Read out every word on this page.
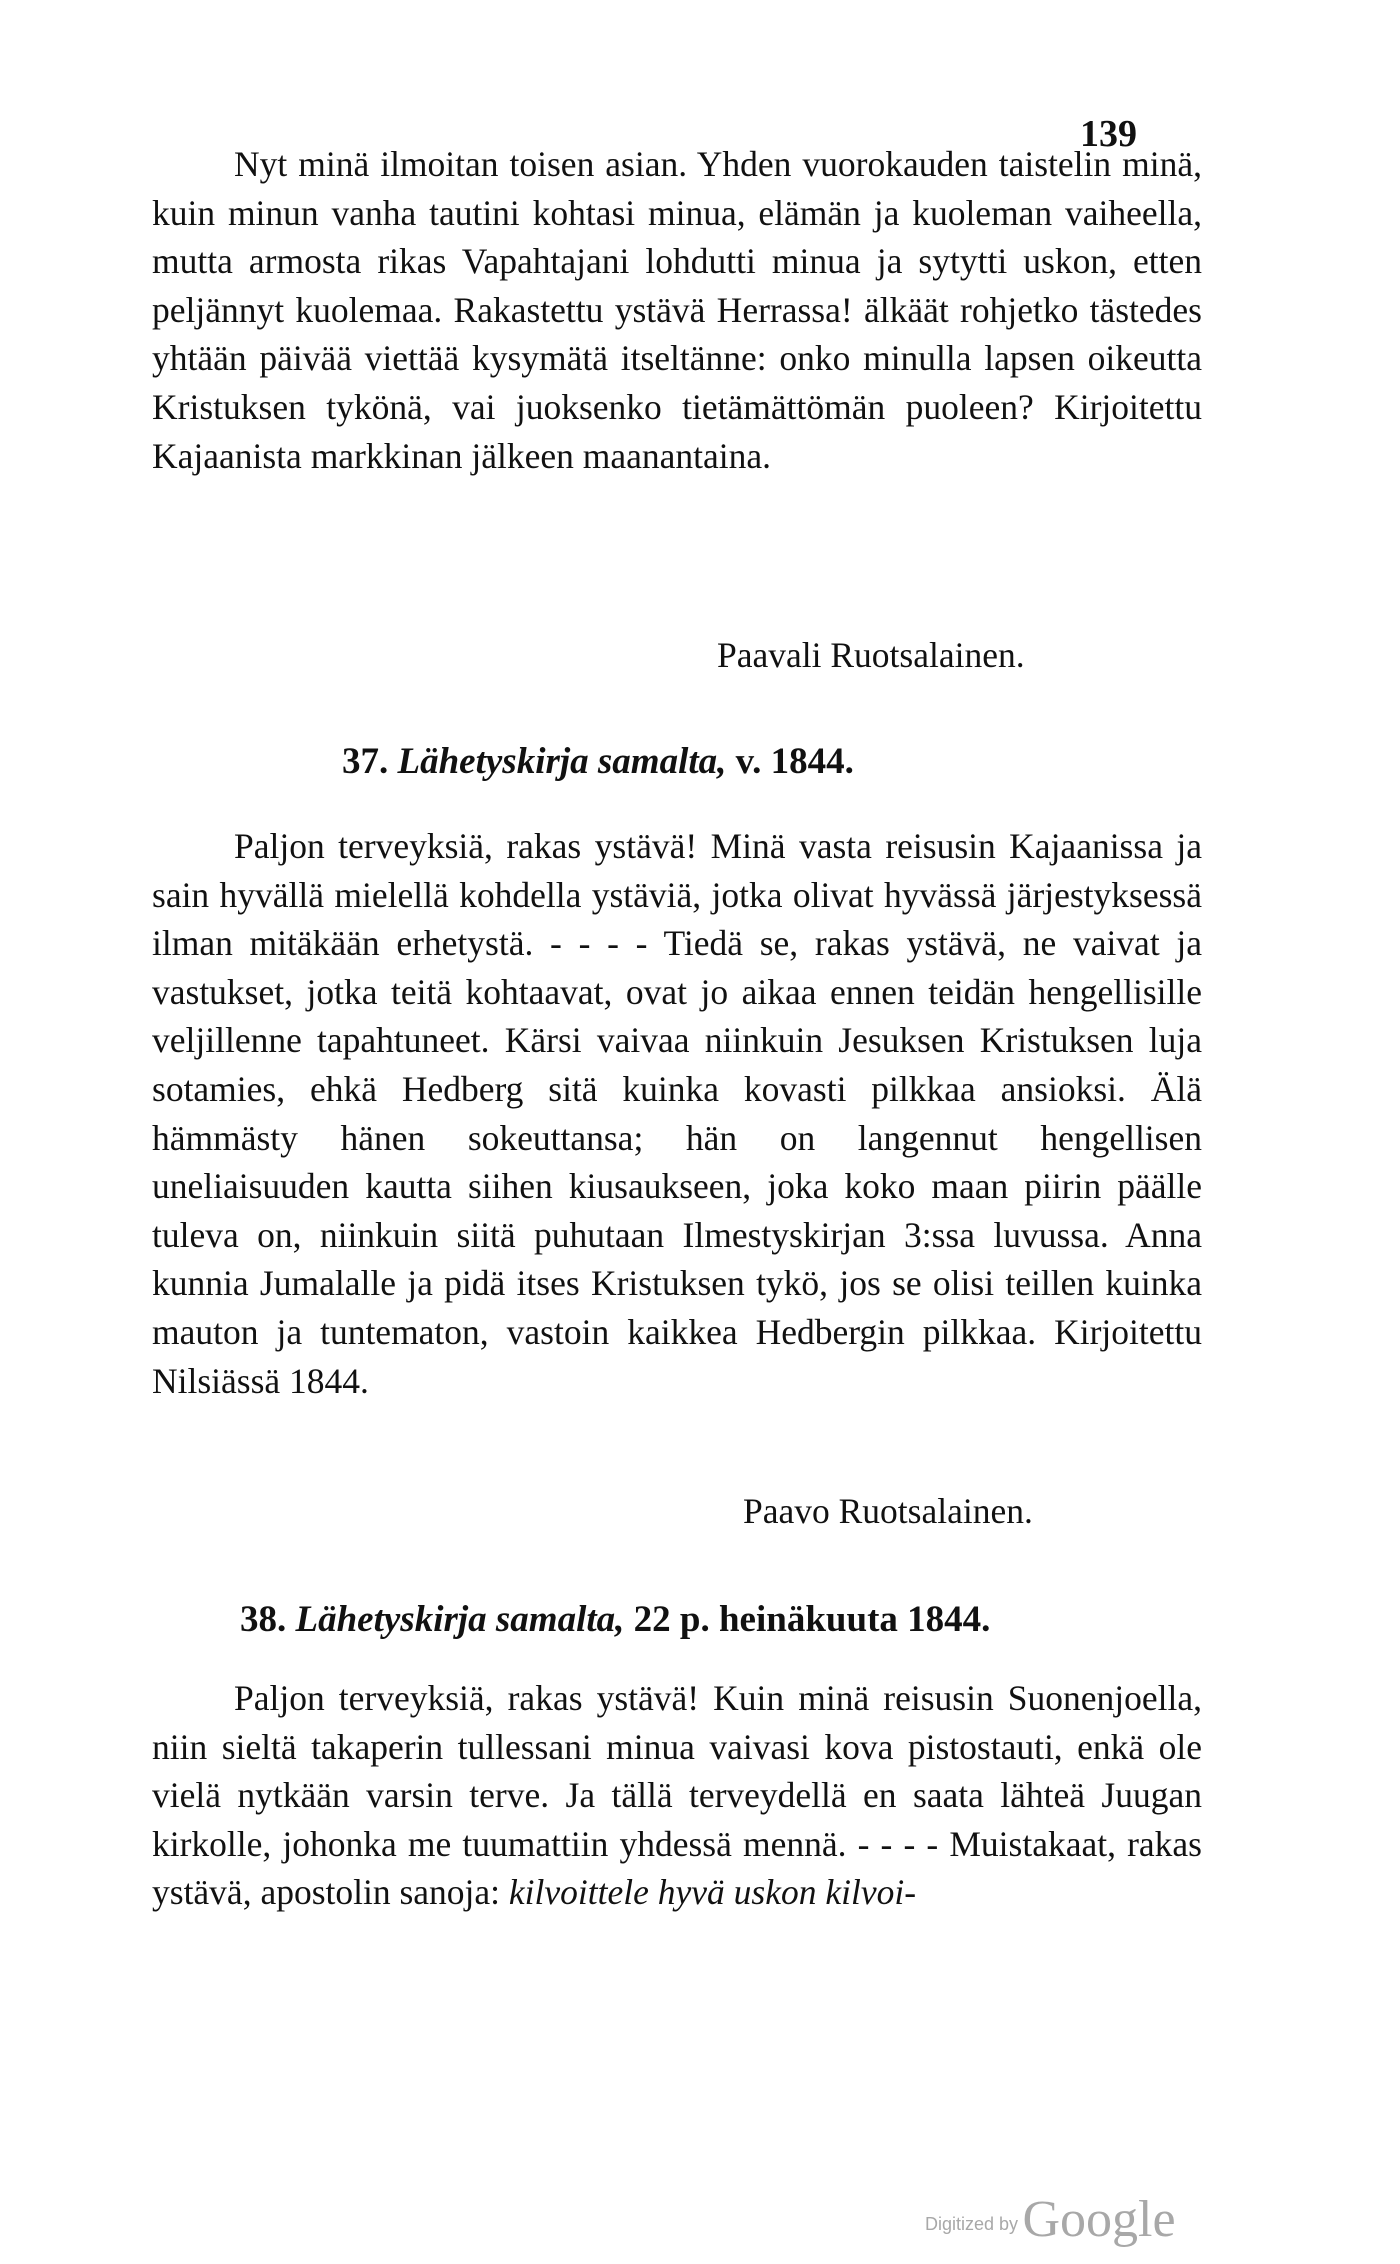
139

Nyt minä ilmoitan toisen asian. Yhden vuorokauden taistelin minä, kuin minun vanha tautini kohtasi minua, elämän ja kuoleman vaiheella, mutta armosta rikas Vapahtajani lohdutti minua ja sytytti uskon, etten peljännyt kuolemaa. Rakastettu ystävä Herrassa! älkäät rohjetko tästedes yhtään päivää viettää kysymätä itseltänne: onko minulla lapsen oikeutta Kristuksen tykönä, vai juoksenko tietämättömän puoleen? Kirjoitettu Kajaanista markkinan jälkeen maanantaina.

Paavali Ruotsalainen.
37. Lähetyskirja samalta, v. 1844.

Paljon terveyksiä, rakas ystävä! Minä vasta reisusin Kajaanissa ja sain hyvällä mielellä kohdella ystäviä, jotka olivat hyvässä järjestyksessä ilman mitäkään erhetystä. - - - - Tiedä se, rakas ystävä, ne vaivat ja vastukset, jotka teitä kohtaavat, ovat jo aikaa ennen teidän hengellisille veljillenne tapahtuneet. Kärsi vaivaa niinkuin Jesuksen Kristuksen luja sotamies, ehkä Hedberg sitä kuinka kovasti pilkkaa ansioksi. Älä hämmästy hänen sokeuttansa; hän on langennut hengellisen uneliaisuuden kautta siihen kiusaukseen, joka koko maan piirin päälle tuleva on, niinkuin siitä puhutaan Ilmestyskirjan 3:ssa luvussa. Anna kunnia Jumalalle ja pidä itses Kristuksen tykö, jos se olisi teillen kuinka mauton ja tuntematon, vastoin kaikkea Hedbergin pilkkaa. Kirjoitettu Nilsiässä 1844.

Paavo Ruotsalainen.
38. Lähetyskirja samalta, 22 p. heinäkuuta 1844.

Paljon terveyksiä, rakas ystävä! Kuin minä reisusin Suonenjoella, niin sieltä takaperin tullessani minua vaivasi kova pistostauti, enkä ole vielä nytkään varsin terve. Ja tällä terveydellä en saata lähteä Juugan kirkolle, johonka me tuumattiin yhdessä mennä. - - - - Muistakaat, rakas ystävä, apostolin sanoja: kilvoittele hyvä uskon kilvoi-

Digitized by Google
